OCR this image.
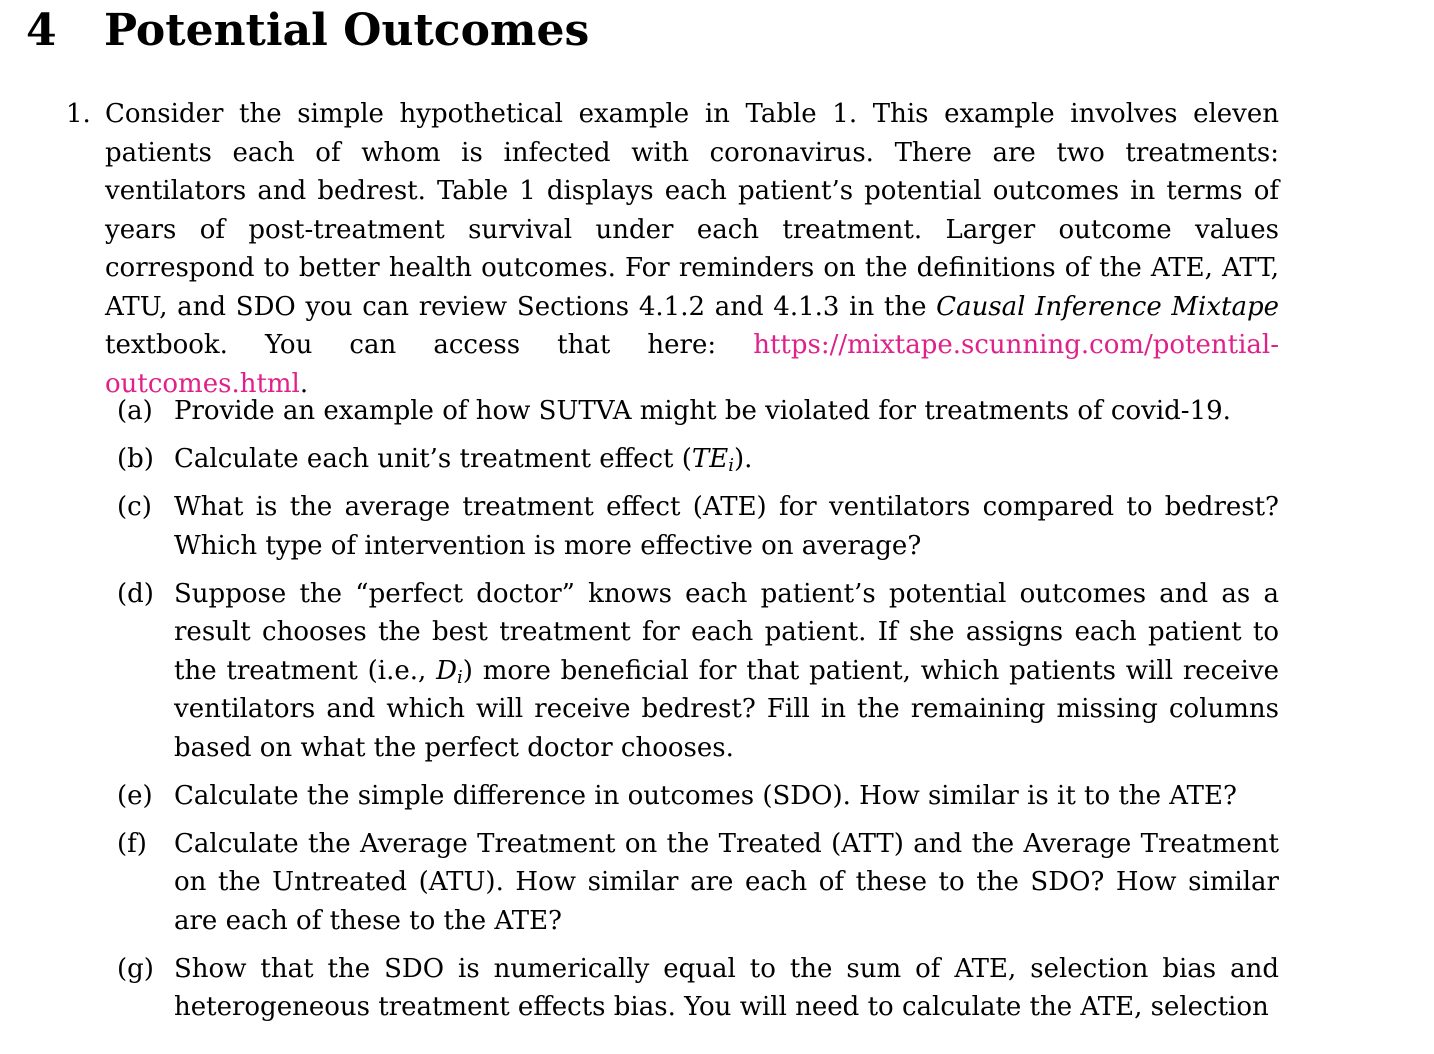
4 Potential Outcomes
1. Consider the simple hypothetical example in Table 1. This example involves eleven patients each of whom is infected with coronavirus. There are two treatments: ventilators and bedrest. Table 1 displays each patient’s potential outcomes in terms of years of post-treatment survival under each treatment. Larger outcome values correspond to better health outcomes. For reminders on the definitions of the ATE, ATT, ATU, and SDO you can review Sections 4.1.2 and 4.1.3 in the Causal Inference Mixtape textbook. You can access that here: https://mixtape.scunning.com/potential-outcomes.html.
(a) Provide an example of how SUTVA might be violated for treatments of covid-19.
(b) Calculate each unit’s treatment effect $(TE_i)$.
(c) What is the average treatment effect (ATE) for ventilators compared to bedrest? Which type of intervention is more effective on average?
(d) Suppose the “perfect doctor” knows each patient’s potential outcomes and as a result chooses the best treatment for each patient. If she assigns each patient to the treatment (i.e., $D_i$) more beneficial for that patient, which patients will receive ventilators and which will receive bedrest? Fill in the remaining missing columns based on what the perfect doctor chooses.
(e) Calculate the simple difference in outcomes (SDO). How similar is it to the ATE?
(f) Calculate the Average Treatment on the Treated (ATT) and the Average Treatment on the Untreated (ATU). How similar are each of these to the SDO? How similar are each of these to the ATE?
(g) Show that the SDO is numerically equal to the sum of ATE, selection bias and heterogeneous treatment effects bias. You will need to calculate the ATE, selection
